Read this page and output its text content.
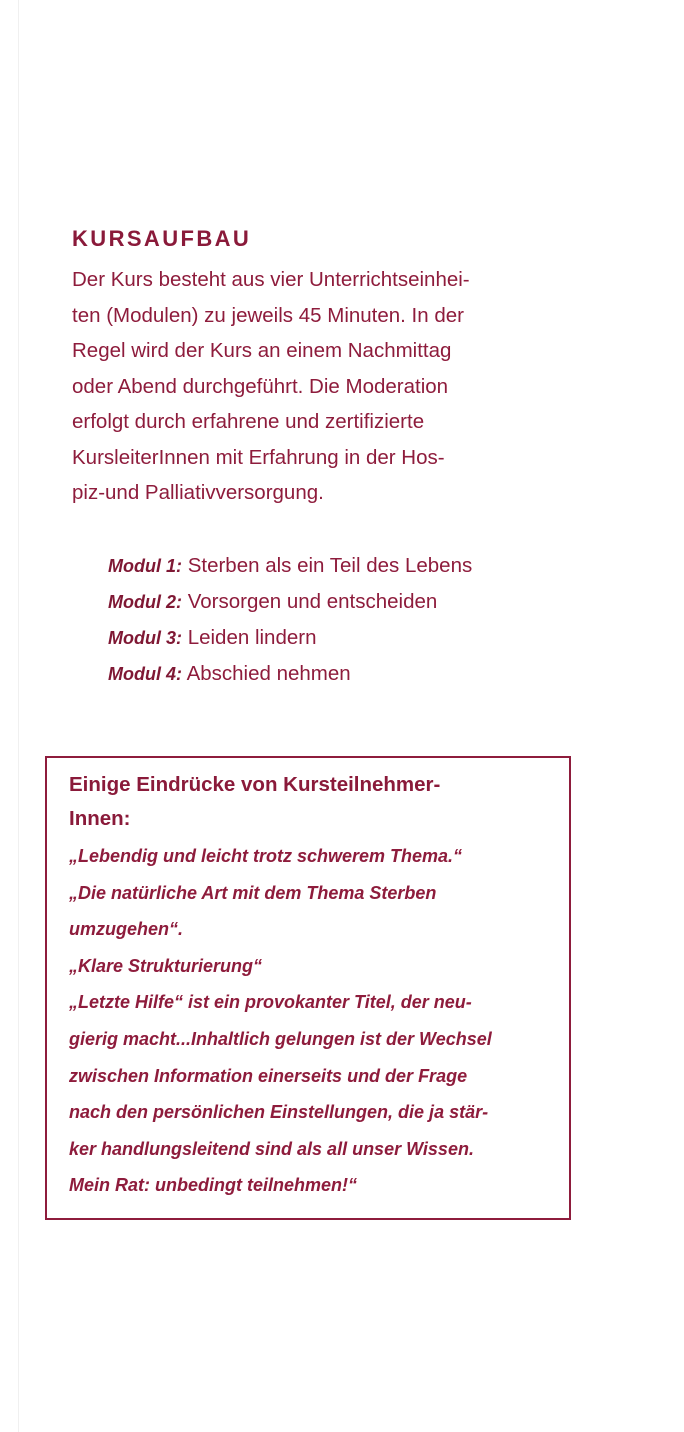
KURSAUFBAU

Der Kurs besteht aus vier Unterrichtseinhei-
ten (Modulen) zu jeweils 45 Minuten. In der
Regel wird der Kurs an einem Nachmittag
oder Abend durchgeführt. Die Moderation
erfolgt durch erfahrene und zertifizierte
KursleiterInnen mit Erfahrung in der Hos-
piz-und Palliativversorgung.

Modul 1: Sterben als ein Teil des Lebens
Modul 2: Vorsorgen und entscheiden
Modul 3: Leiden lindern
Modul 4: Abschied nehmen
Einige Eindrücke von Kursteilnehmer-
Innen:

„Lebendig und leicht trotz schwerem Thema.“
„Die natürliche Art mit dem Thema Sterben
umzugehen“.
„Klare Strukturierung“
„Letzte Hilfe“ ist ein provokanter Titel, der neu-
gierig macht...Inhaltlich gelungen ist der Wechsel
zwischen Information einerseits und der Frage
nach den persönlichen Einstellungen, die ja stär-
ker handlungsleitend sind als all unser Wissen.
Mein Rat: unbedingt teilnehmen!“
